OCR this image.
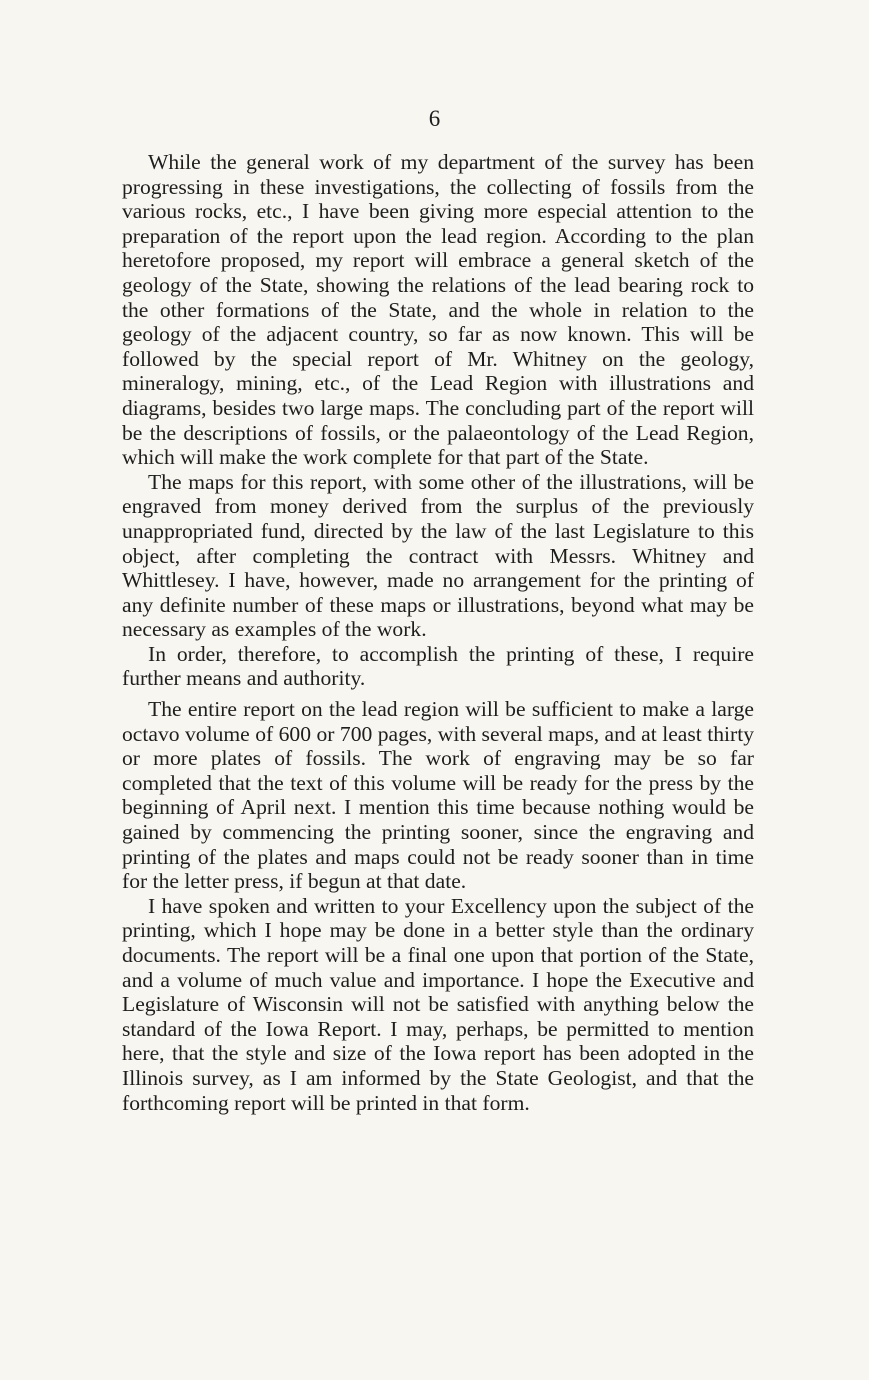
6

While the general work of my department of the survey has been progressing in these investigations, the collecting of fossils from the various rocks, etc., I have been giving more especial attention to the preparation of the report upon the lead region. According to the plan heretofore proposed, my report will embrace a general sketch of the geology of the State, showing the relations of the lead bearing rock to the other formations of the State, and the whole in relation to the geology of the adjacent country, so far as now known. This will be followed by the special report of Mr. Whitney on the geology, mineralogy, mining, etc., of the Lead Region with illustrations and diagrams, besides two large maps. The concluding part of the report will be the descriptions of fossils, or the palaeontology of the Lead Region, which will make the work complete for that part of the State.

The maps for this report, with some other of the illustrations, will be engraved from money derived from the surplus of the previously unappropriated fund, directed by the law of the last Legislature to this object, after completing the contract with Messrs. Whitney and Whittlesey. I have, however, made no arrangement for the printing of any definite number of these maps or illustrations, beyond what may be necessary as examples of the work.

In order, therefore, to accomplish the printing of these, I require further means and authority.

The entire report on the lead region will be sufficient to make a large octavo volume of 600 or 700 pages, with several maps, and at least thirty or more plates of fossils. The work of engraving may be so far completed that the text of this volume will be ready for the press by the beginning of April next. I mention this time because nothing would be gained by commencing the printing sooner, since the engraving and printing of the plates and maps could not be ready sooner than in time for the letter press, if begun at that date.

I have spoken and written to your Excellency upon the subject of the printing, which I hope may be done in a better style than the ordinary documents. The report will be a final one upon that portion of the State, and a volume of much value and importance. I hope the Executive and Legislature of Wisconsin will not be satisfied with anything below the standard of the Iowa Report. I may, perhaps, be permitted to mention here, that the style and size of the Iowa report has been adopted in the Illinois survey, as I am informed by the State Geologist, and that the forthcoming report will be printed in that form.
